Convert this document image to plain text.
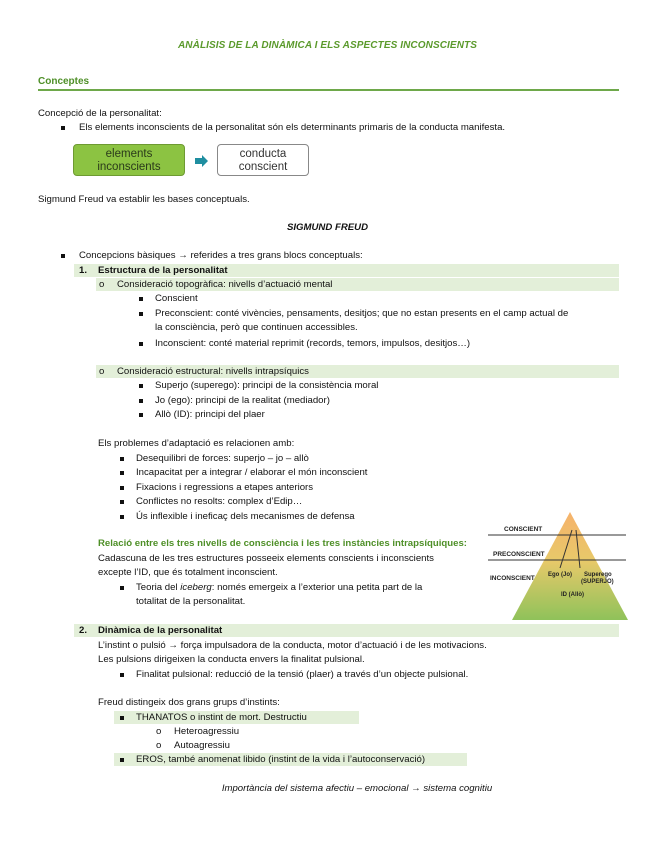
ANÀLISIS DE LA DINÀMICA I ELS ASPECTES INCONSCIENTS
Conceptes
Concepció de la personalitat:
Els elements inconscients de la personalitat són els determinants primaris de la conducta manifesta.
elements
inconscients
conducta
conscient
Sigmund Freud va establir les bases conceptuals.
SIGMUND FREUD
Concepcions bàsiques → referides a tres grans blocs conceptuals:
1. Estructura de la personalitat
o Consideració topogràfica: nivells d’actuació mental
Conscient
Preconscient: conté vivències, pensaments, desitjos; que no estan presents en el camp actual de
la consciència, però que continuen accessibles.
Inconscient: conté material reprimit (records, temors, impulsos, desitjos…)
o Consideració estructural: nivells intrapsíquics
Superjo (superego): principi de la consistència moral
Jo (ego): principi de la realitat (mediador)
Allò (ID): principi del plaer
Els problemes d’adaptació es relacionen amb:
Desequilibri de forces: superjo – jo – allò
Incapacitat per a integrar / elaborar el món inconscient
Fixacions i regressions a etapes anteriors
Conflictes no resolts: complex d’Edip…
Ús inflexible i ineficaç dels mecanismes de defensa
Relació entre els tres nivells de consciència i les tres instàncies intrapsíquiques:
Cadascuna de les tres estructures posseeix elements conscients i inconscients
excepte l’ID, que és totalment inconscient.
Teoria del iceberg: només emergeix a l’exterior una petita part de la
totalitat de la personalitat.
CONSCIENT
PRECONSCIENT
INCONSCIENT Ego (Jo) Superego
(SUPERJO)
ID (Allò)
2. Dinàmica de la personalitat
L’instint o pulsió → força impulsadora de la conducta, motor d’actuació i de les motivacions.
Les pulsions dirigeixen la conducta envers la finalitat pulsional.
Finalitat pulsional: reducció de la tensió (plaer) a través d’un objecte pulsional.
Freud distingeix dos grans grups d’instints:
THANATOS o instint de mort. Destructiu
o Heteroagressiu
o Autoagressiu
EROS, també anomenat libido (instint de la vida i l’autoconservació)
Importància del sistema afectiu – emocional → sistema cognitiu
